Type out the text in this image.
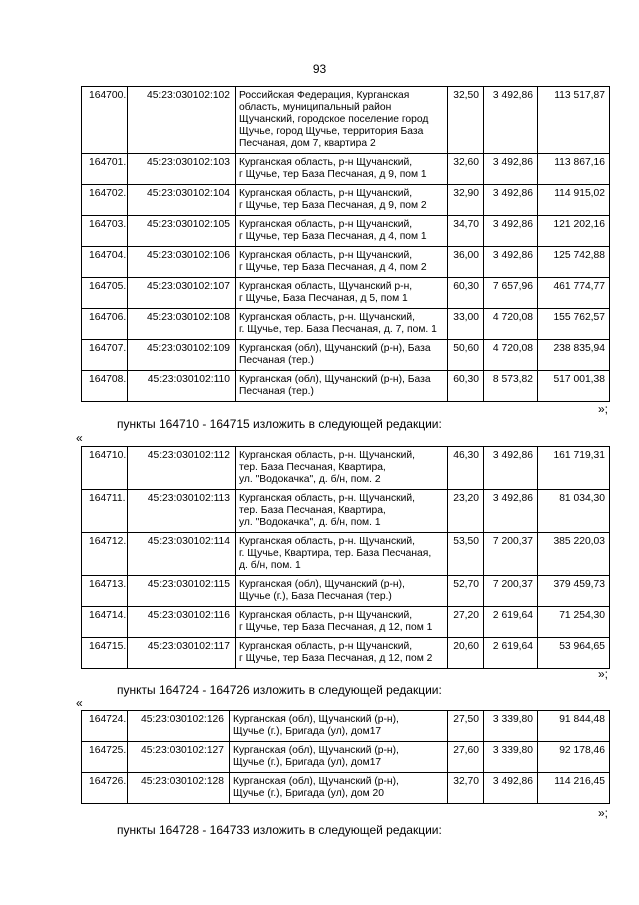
93
164700.	45:23:030102:102	Российская Федерация, Курганская
область, муниципальный район
Щучанский, городское поселение город
Щучье, город Щучье, территория База
Песчаная, дом 7, квартира 2	32,50	3 492,86	113 517,87
164701.	45:23:030102:103	Курганская область, р-н Щучанский,
г Щучье, тер База Песчаная, д 9, пом 1	32,60	3 492,86	113 867,16
164702.	45:23:030102:104	Курганская область, р-н Щучанский,
г Щучье, тер База Песчаная, д 9, пом 2	32,90	3 492,86	114 915,02
164703.	45:23:030102:105	Курганская область, р-н Щучанский,
г Щучье, тер База Песчаная, д 4, пом 1	34,70	3 492,86	121 202,16
164704.	45:23:030102:106	Курганская область, р-н Щучанский,
г Щучье, тер База Песчаная, д 4, пом 2	36,00	3 492,86	125 742,88
164705.	45:23:030102:107	Курганская область, Щучанский р-н,
г Щучье, База Песчаная, д 5, пом 1	60,30	7 657,96	461 774,77
164706.	45:23:030102:108	Курганская область, р-н. Щучанский,
г. Щучье, тер. База Песчаная, д. 7, пом. 1	33,00	4 720,08	155 762,57
164707.	45:23:030102:109	Курганская (обл), Щучанский (р-н), База
Песчаная (тер.)	50,60	4 720,08	238 835,94
164708.	45:23:030102:110	Курганская (обл), Щучанский (р-н), База
Песчаная (тер.)	60,30	8 573,82	517 001,38
»;
пункты 164710 - 164715 изложить в следующей редакции:
«
164710.	45:23:030102:112	Курганская область, р-н. Щучанский,
тер. База Песчаная, Квартира,
ул. "Водокачка", д. б/н, пом. 2	46,30	3 492,86	161 719,31
164711.	45:23:030102:113	Курганская область, р-н. Щучанский,
тер. База Песчаная, Квартира,
ул. "Водокачка", д. б/н, пом. 1	23,20	3 492,86	81 034,30
164712.	45:23:030102:114	Курганская область, р-н. Щучанский,
г. Щучье, Квартира, тер. База Песчаная,
д. б/н, пом. 1	53,50	7 200,37	385 220,03
164713.	45:23:030102:115	Курганская (обл), Щучанский (р-н),
Щучье (г.), База Песчаная (тер.)	52,70	7 200,37	379 459,73
164714.	45:23:030102:116	Курганская область, р-н Щучанский,
г Щучье, тер База Песчаная, д 12, пом 1	27,20	2 619,64	71 254,30
164715.	45:23:030102:117	Курганская область, р-н Щучанский,
г Щучье, тер База Песчаная, д 12, пом 2	20,60	2 619,64	53 964,65
»;
пункты 164724 - 164726 изложить в следующей редакции:
«
164724.	45:23:030102:126	Курганская (обл), Щучанский (р-н),
Щучье (г.), Бригада (ул), дом17	27,50	3 339,80	91 844,48
164725.	45:23:030102:127	Курганская (обл), Щучанский (р-н),
Щучье (г.), Бригада (ул), дом17	27,60	3 339,80	92 178,46
164726.	45:23:030102:128	Курганская (обл), Щучанский (р-н),
Щучье (г.), Бригада (ул), дом 20	32,70	3 492,86	114 216,45
»;
пункты 164728 - 164733 изложить в следующей редакции:
